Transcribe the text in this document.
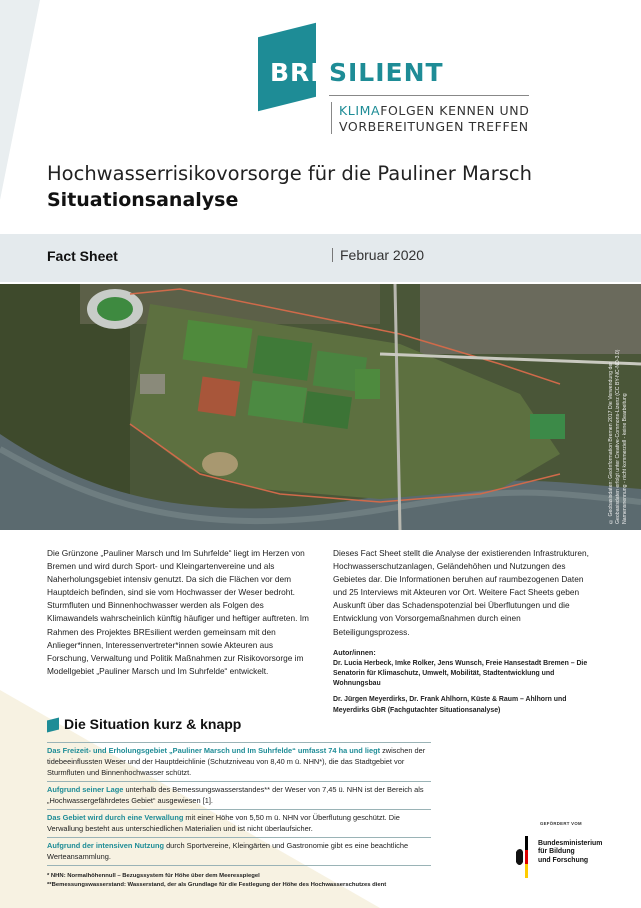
BRE SILIENT
KLIMAFOLGEN KENNEN UND
VORBEREITUNGEN TREFFEN
Hochwasserrisikovorsorge für die Pauliner Marsch
Situationsanalyse
Fact Sheet	Februar 2020
© Geobasisdaten: GeoInformation Bremen 2017 Die Verwendung der Geobasisdaten erfolgt unter Creative-Commons-Lizenz (CC BY-NC-ND-3.0) Namensnennung - nicht kommerziell - keine Bearbeitung

Die Grünzone „Pauliner Marsch und Im Suhrfelde“ liegt im Herzen von Bremen und wird durch Sport- und Kleingartenvereine und als Naherholungsgebiet intensiv genutzt. Da sich die Flächen vor dem Hauptdeich befinden, sind sie vom Hochwasser der Weser bedroht. Sturmfluten und Binnenhochwasser werden als Folgen des Klimawandels wahrscheinlich künftig häufiger und heftiger auftreten. Im Rahmen des Projektes BREsilient werden gemeinsam mit den Anlieger*innen, Interessenvertreter*innen sowie Akteuren aus Forschung, Verwaltung und Politik Maßnahmen zur Risikovorsorge im Modellgebiet „Pauliner Marsch und Im Suhrfelde“ entwickelt.

Dieses Fact Sheet stellt die Analyse der existierenden Infrastrukturen, Hochwasserschutzanlagen, Geländehöhen und Nutzungen des Gebietes dar. Die Informationen beruhen auf raumbezogenen Daten und 25 Interviews mit Akteuren vor Ort. Weitere Fact Sheets geben Auskunft über das Schadenspotenzial bei Überflutungen und die Entwicklung von Vorsorgemaßnahmen durch einen Beteiligungsprozess.

Autor/innen:
Dr. Lucia Herbeck, Imke Rolker, Jens Wunsch, Freie Hansestadt Bremen – Die Senatorin für Klimaschutz, Umwelt, Mobilität, Stadtentwicklung und Wohnungsbau
Dr. Jürgen Meyerdirks, Dr. Frank Ahlhorn, Küste & Raum – Ahlhorn und Meyerdirks GbR (Fachgutachter Situationsanalyse)
Die Situation kurz & knapp
Das Freizeit- und Erholungsgebiet „Pauliner Marsch und Im Suhrfelde“ umfasst 74 ha und liegt zwischen der tidebeeinflussten Weser und der Hauptdeichlinie (Schutzniveau von 8,40 m ü. NHN*), die das Stadtgebiet vor Sturmfluten und Binnenhochwasser schützt.
Aufgrund seiner Lage unterhalb des Bemessungswasserstandes** der Weser von 7,45 ü. NHN ist der Bereich als „Hochwassergefährdetes Gebiet“ ausgewiesen [1].
Das Gebiet wird durch eine Verwallung mit einer Höhe von 5,50 m ü. NHN vor Überflutung geschützt. Die Verwallung besteht aus unterschiedlichen Materialien und ist nicht überlaufsicher.
Aufgrund der intensiven Nutzung durch Sportvereine, Kleingärten und Gastronomie gibt es eine beachtliche Werteansammlung.
* NHN: Normalhöhennull – Bezugssystem für Höhe über dem Meeresspiegel
**Bemessungswasserstand: Wasserstand, der als Grundlage für die Festlegung der Höhe des Hochwasserschutzes dient
GEFÖRDERT VOM
Bundesministerium
für Bildung
und Forschung
